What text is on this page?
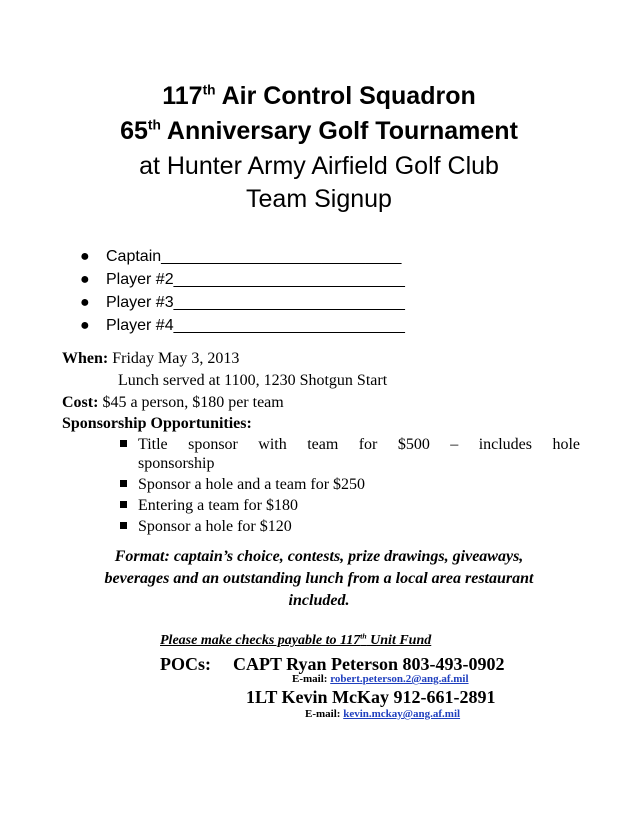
117th Air Control Squadron
65th Anniversary Golf Tournament
at Hunter Army Airfield Golf Club
Team Signup
● Captain___________________________
● Player #2__________________________
● Player #3__________________________
● Player #4__________________________
When: Friday May 3, 2013
Lunch served at 1100, 1230 Shotgun Start
Cost: $45 a person, $180 per team
Sponsorship Opportunities:
Title sponsor with team for $500 – includes hole
sponsorship
Sponsor a hole and a team for $250
Entering a team for $180
Sponsor a hole for $120
Format: captain’s choice, contests, prize drawings, giveaways,
beverages and an outstanding lunch from a local area restaurant
included.
Please make checks payable to 117th Unit Fund
POCs: CAPT Ryan Peterson 803-493-0902
E-mail: robert.peterson.2@ang.af.mil
1LT Kevin McKay 912-661-2891
E-mail: kevin.mckay@ang.af.mil
